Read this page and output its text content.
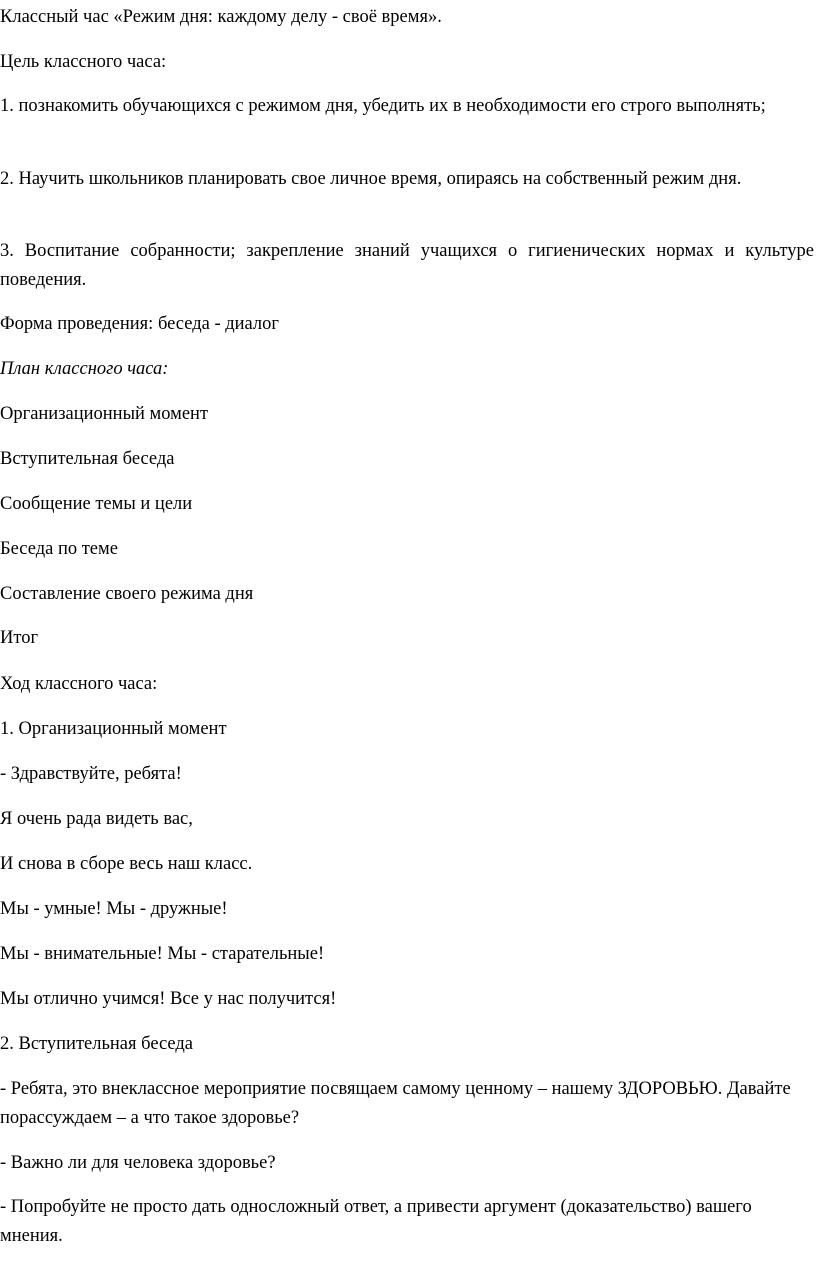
Классный час «Режим дня: каждому делу - своё время».

Цель классного часа:

1. познакомить обучающихся с режимом дня, убедить их в необходимости его строго выполнять;

2. Научить школьников планировать свое личное время, опираясь на собственный режим дня.

3. Воспитание собранности; закрепление знаний учащихся о гигиенических нормах и культуре поведения.

Форма проведения: беседа - диалог

План классного часа:

Организационный момент

Вступительная беседа

Сообщение темы и цели

Беседа по теме

Составление своего режима дня

Итог

Ход классного часа:

1. Организационный момент

- Здравствуйте, ребята!

Я очень рада видеть вас,

И снова в сборе весь наш класс.

Мы - умные! Мы - дружные!

Мы - внимательные! Мы - старательные!

Мы отлично учимся! Все у нас получится!

2. Вступительная беседа

- Ребята, это внеклассное мероприятие посвящаем самому ценному – нашему ЗДОРОВЬЮ. Давайте порассуждаем – а что такое здоровье?

- Важно ли для человека здоровье?

- Попробуйте не просто дать односложный ответ, а привести аргумент (доказательство) вашего мнения.
